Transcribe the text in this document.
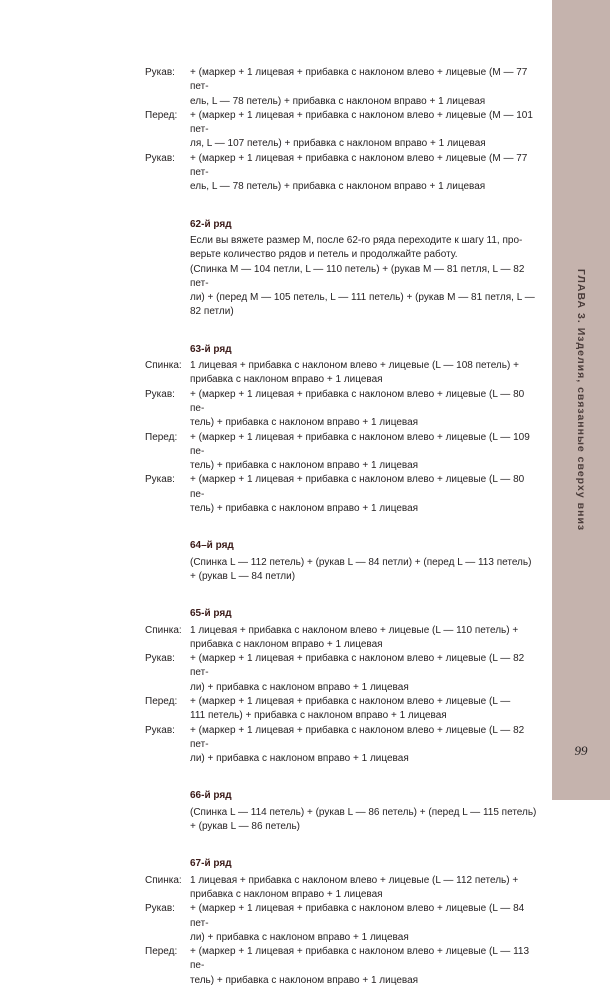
ГЛАВА 3. Изделия, связанные сверху вниз
99
Рукав:	+ (маркер + 1 лицевая + прибавка с наклоном влево + лицевые (M — 77 пет-
ель, L — 78 петель) + прибавка с наклоном вправо + 1 лицевая
Перед:	+ (маркер + 1 лицевая + прибавка с наклоном влево + лицевые (M — 101 пет-
ля, L — 107 петель) + прибавка с наклоном вправо + 1 лицевая
Рукав:	+ (маркер + 1 лицевая + прибавка с наклоном влево + лицевые (M — 77 пет-
ель, L — 78 петель) + прибавка с наклоном вправо + 1 лицевая
62-й ряд
Если вы вяжете размер M, после 62-го ряда переходите к шагу 11, про-
верьте количество рядов и петель и продолжайте работу.
(Спинка M — 104 петли, L — 110 петель) + (рукав M — 81 петля, L — 82 пет-
ли) + (перед M — 105 петель, L — 111 петель) + (рукав M — 81 петля, L —
82 петли)
63-й ряд
Спинка: 1 лицевая + прибавка с наклоном влево + лицевые (L — 108 петель) +
прибавка с наклоном вправо + 1 лицевая
Рукав:	+ (маркер + 1 лицевая + прибавка с наклоном влево + лицевые (L — 80 пе-
тель) + прибавка с наклоном вправо + 1 лицевая
Перед:	+ (маркер + 1 лицевая + прибавка с наклоном влево + лицевые (L — 109 пе-
тель) + прибавка с наклоном вправо + 1 лицевая
Рукав:	+ (маркер + 1 лицевая + прибавка с наклоном влево + лицевые (L — 80 пе-
тель) + прибавка с наклоном вправо + 1 лицевая
64–й ряд
(Спинка L — 112 петель) + (рукав L — 84 петли) + (перед L — 113 петель)
+ (рукав L — 84 петли)
65-й ряд
Спинка: 1 лицевая + прибавка с наклоном влево + лицевые (L — 110 петель) +
прибавка с наклоном вправо + 1 лицевая
Рукав:	+ (маркер + 1 лицевая + прибавка с наклоном влево + лицевые (L — 82 пет-
ли) + прибавка с наклоном вправо + 1 лицевая
Перед:	+ (маркер + 1 лицевая + прибавка с наклоном влево + лицевые (L —
111 петель) + прибавка с наклоном вправо + 1 лицевая
Рукав:	+ (маркер + 1 лицевая + прибавка с наклоном влево + лицевые (L — 82 пет-
ли) + прибавка с наклоном вправо + 1 лицевая
66-й ряд
(Спинка L — 114 петель) + (рукав L — 86 петель) + (перед L — 115 петель)
+ (рукав L — 86 петель)
67-й ряд
Спинка: 1 лицевая + прибавка с наклоном влево + лицевые (L — 112 петель) +
прибавка с наклоном вправо + 1 лицевая
Рукав:	+ (маркер + 1 лицевая + прибавка с наклоном влево + лицевые (L — 84 пет-
ли) + прибавка с наклоном вправо + 1 лицевая
Перед:	+ (маркер + 1 лицевая + прибавка с наклоном влево + лицевые (L — 113 пе-
тель) + прибавка с наклоном вправо + 1 лицевая
